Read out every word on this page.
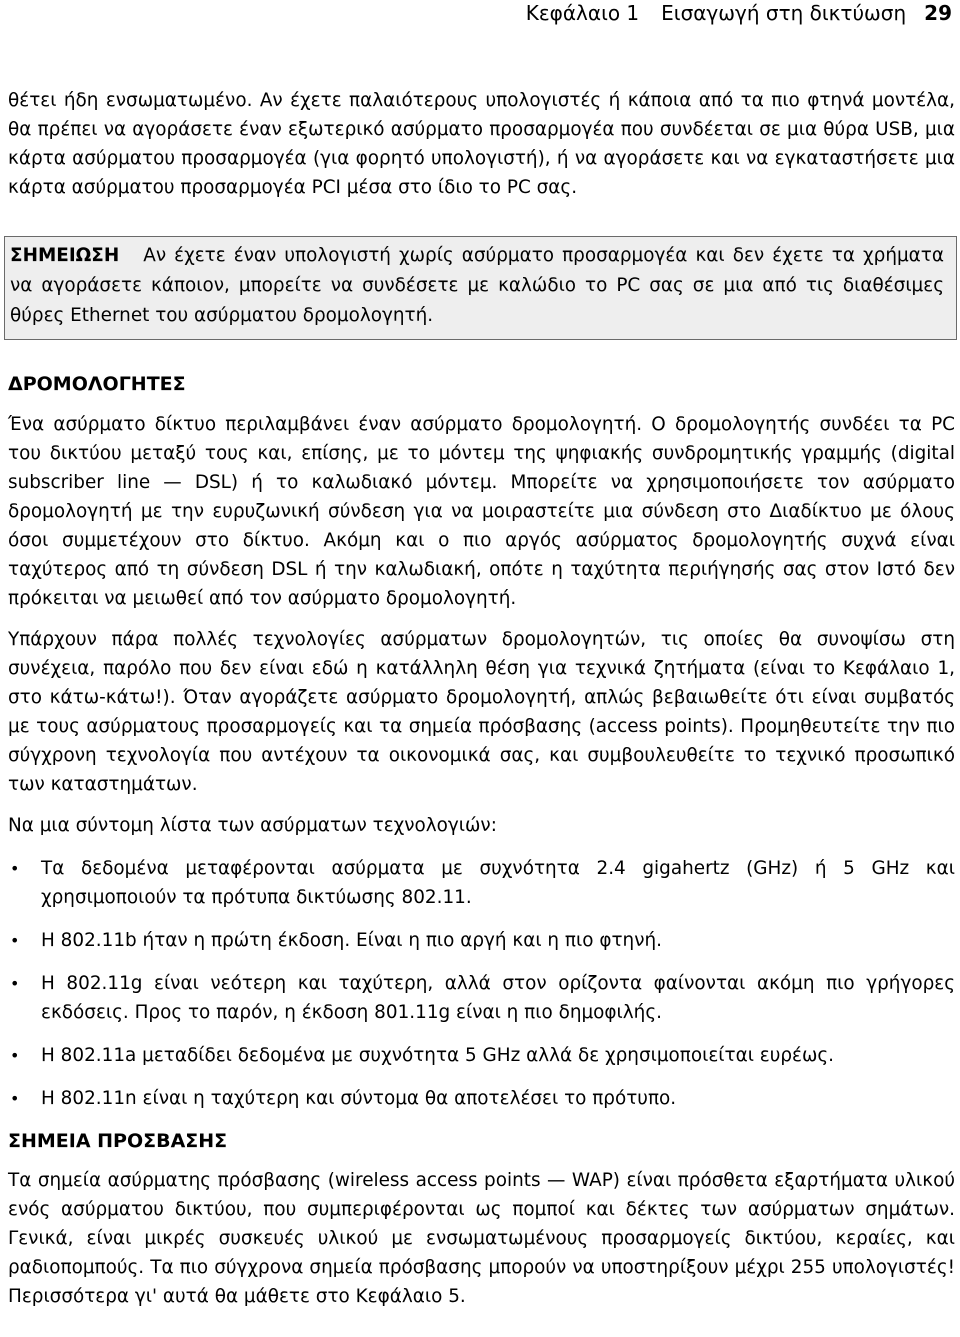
Κεφάλαιο 1 Εισαγωγή στη δικτύωση 29

θέτει ήδη ενσωματωμένο. Αν έχετε παλαιότερους υπολογιστές ή κάποια από τα πιο φτηνά μοντέλα, θα πρέπει να αγοράσετε έναν εξωτερικό ασύρματο προσαρμογέα που συνδέεται σε μια θύρα USB, μια κάρτα ασύρματου προσαρμογέα (για φορητό υπολογιστή), ή να αγοράσετε και να εγκαταστήσετε μια κάρτα ασύρματου προσαρμογέα PCI μέσα στο ίδιο το PC σας.

ΣΗΜΕΙΩΣΗ Αν έχετε έναν υπολογιστή χωρίς ασύρματο προσαρμογέα και δεν έχετε τα χρήματα να αγοράσετε κάποιον, μπορείτε να συνδέσετε με καλώδιο το PC σας σε μια από τις διαθέσιμες θύρες Ethernet του ασύρματου δρομολογητή.

ΔΡΟΜΟΛΟΓΗΤΕΣ

Ένα ασύρματο δίκτυο περιλαμβάνει έναν ασύρματο δρομολογητή. Ο δρομολογητής συνδέει τα PC του δικτύου μεταξύ τους και, επίσης, με το μόντεμ της ψηφιακής συνδρομητικής γραμμής (digital subscriber line — DSL) ή το καλωδιακό μόντεμ. Μπορείτε να χρησιμοποιήσετε τον ασύρματο δρομολογητή με την ευρυζωνική σύνδεση για να μοιραστείτε μια σύνδεση στο Διαδίκτυο με όλους όσοι συμμετέχουν στο δίκτυο. Ακόμη και ο πιο αργός ασύρματος δρομολογητής συχνά είναι ταχύτερος από τη σύνδεση DSL ή την καλωδιακή, οπότε η ταχύτητα περιήγησής σας στον Ιστό δεν πρόκειται να μειωθεί από τον ασύρματο δρομολογητή.

Υπάρχουν πάρα πολλές τεχνολογίες ασύρματων δρομολογητών, τις οποίες θα συνοψίσω στη συνέχεια, παρόλο που δεν είναι εδώ η κατάλληλη θέση για τεχνικά ζητήματα (είναι το Κεφάλαιο 1, στο κάτω-κάτω!). Όταν αγοράζετε ασύρματο δρομολογητή, απλώς βεβαιωθείτε ότι είναι συμβατός με τους ασύρματους προσαρμογείς και τα σημεία πρόσβασης (access points). Προμηθευτείτε την πιο σύγχρονη τεχνολογία που αντέχουν τα οικονομικά σας, και συμβουλευθείτε το τεχνικό προσωπικό των καταστημάτων.

Να μια σύντομη λίστα των ασύρματων τεχνολογιών:

• Τα δεδομένα μεταφέρονται ασύρματα με συχνότητα 2.4 gigahertz (GHz) ή 5 GHz και χρησιμοποιούν τα πρότυπα δικτύωσης 802.11.
• Η 802.11b ήταν η πρώτη έκδοση. Είναι η πιο αργή και η πιο φτηνή.
• Η 802.11g είναι νεότερη και ταχύτερη, αλλά στον ορίζοντα φαίνονται ακόμη πιο γρήγορες εκδόσεις. Προς το παρόν, η έκδοση 801.11g είναι η πιο δημοφιλής.
• Η 802.11a μεταδίδει δεδομένα με συχνότητα 5 GHz αλλά δε χρησιμοποιείται ευρέως.
• Η 802.11n είναι η ταχύτερη και σύντομα θα αποτελέσει το πρότυπο.
ΣΗΜΕΙΑ ΠΡΟΣΒΑΣΗΣ

Τα σημεία ασύρματης πρόσβασης (wireless access points — WAP) είναι πρόσθετα εξαρτήματα υλικού ενός ασύρματου δικτύου, που συμπεριφέρονται ως πομποί και δέκτες των ασύρματων σημάτων. Γενικά, είναι μικρές συσκευές υλικού με ενσωματωμένους προσαρμογείς δικτύου, κεραίες, και ραδιοπομπούς. Τα πιο σύγχρονα σημεία πρόσβασης μπορούν να υποστηρίξουν μέχρι 255 υπολογιστές! Περισσότερα γι' αυτά θα μάθετε στο Κεφάλαιο 5.
